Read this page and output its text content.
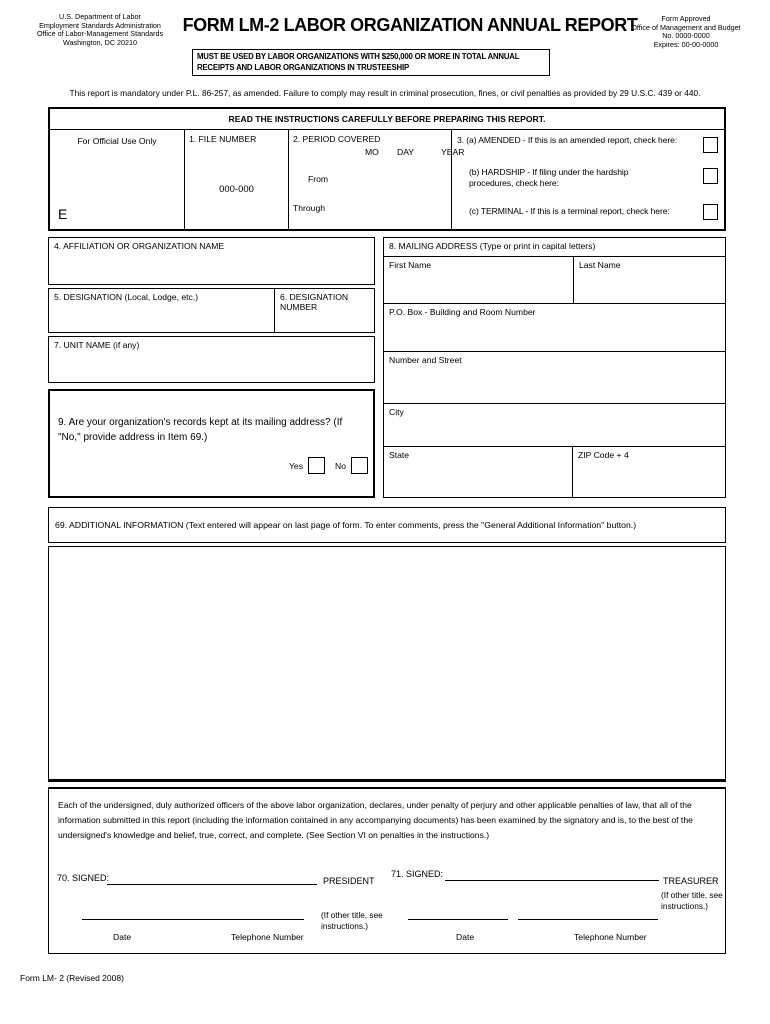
U.S. Department of Labor
Employment Standards Administration
Office of Labor-Management Standards
Washington, DC 20210
FORM LM-2 LABOR ORGANIZATION ANNUAL REPORT
MUST BE USED BY LABOR ORGANIZATIONS WITH $250,000 OR MORE IN TOTAL ANNUAL RECEIPTS AND LABOR ORGANIZATIONS IN TRUSTEESHIP
Form Approved
Office of Management and Budget
No. 0000-0000
Expires: 00-00-0000
This report is mandatory under P.L. 86-257, as amended. Failure to comply may result in criminal prosecution, fines, or civil penalties as provided by 29 U.S.C. 439 or 440.
READ THE INSTRUCTIONS CAREFULLY BEFORE PREPARING THIS REPORT.
For Official Use Only
E
1. FILE NUMBER
000-000
2. PERIOD COVERED
MO DAY	YEAR
From
Through
3. (a) AMENDED - If this is an amended report, check here:
(b) HARDSHIP - If filing under the hardship procedures, check here:
(c) TERMINAL - If this is a terminal report, check here:
4. AFFILIATION OR ORGANIZATION NAME
5. DESIGNATION (Local, Lodge, etc.)	6. DESIGNATION NUMBER
7. UNIT NAME (if any)
9. Are your organization's records kept at its mailing address? (If "No," provide address in Item 69.)
Yes	No
8. MAILING ADDRESS (Type or print in capital letters)
First Name	Last Name
P.O. Box - Building and Room Number
Number and Street
City
State	ZIP Code + 4
69. ADDITIONAL INFORMATION (Text entered will appear on last page of form. To enter comments, press the "General Additional Information" button.)
Each of the undersigned, duly authorized officers of the above labor organization, declares, under penalty of perjury and other applicable penalties of law, that all of the information submitted in this report (including the information contained in any accompanying documents) has been examined by the signatory and is, to the best of the undersigned's knowledge and belief, true, correct, and complete. (See Section VI on penalties in the instructions.)
70. SIGNED:	PRESIDENT
(If other title, see instructions.)
Date	Telephone Number
71. SIGNED:
TREASURER
(If other title, see instructions.)
Date	Telephone Number
Form LM- 2 (Revised 2008)
